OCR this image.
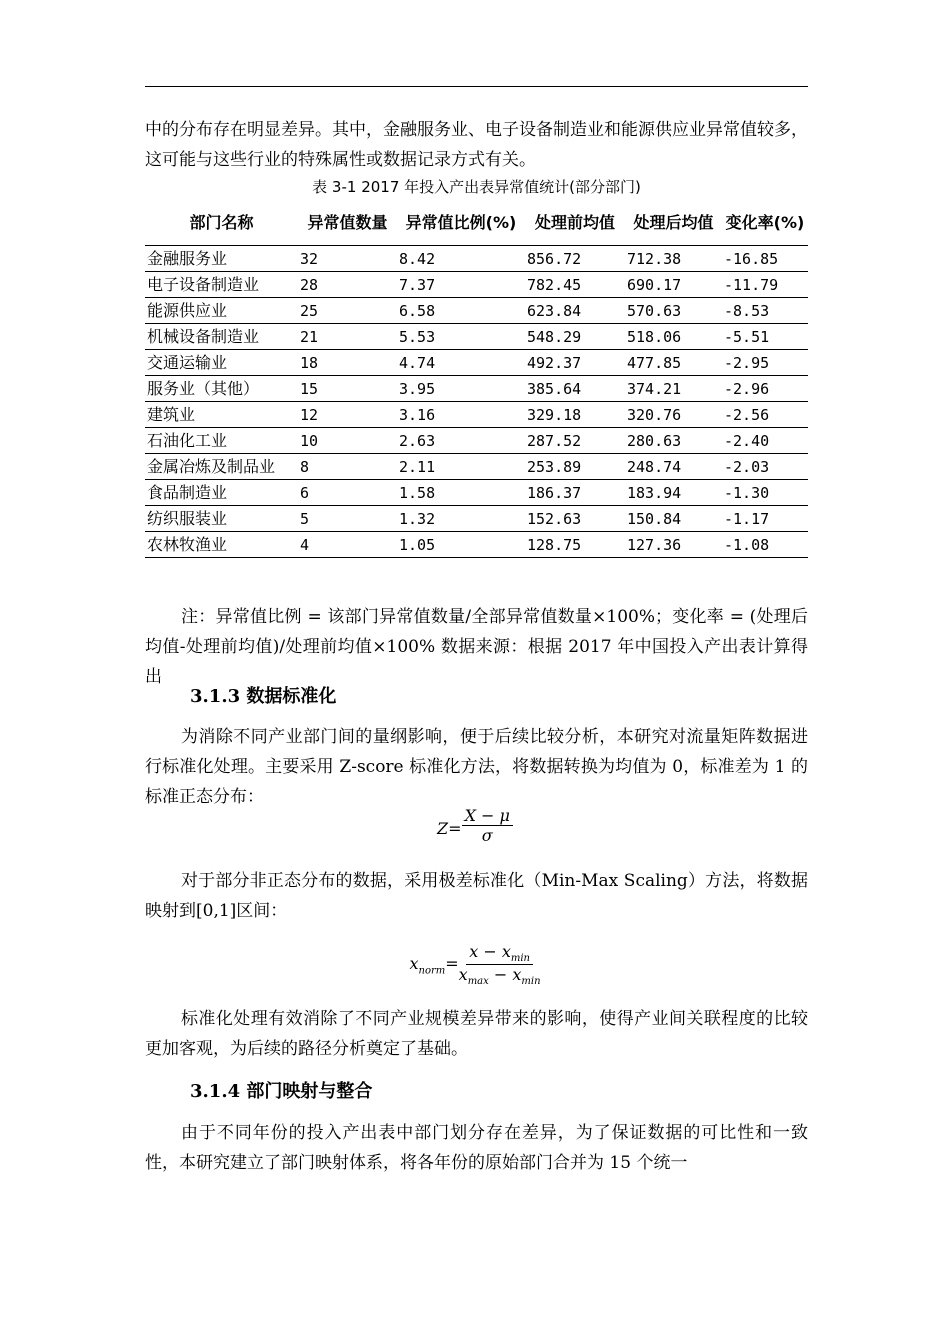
中的分布存在明显差异。其中，金融服务业、电子设备制造业和能源供应业异常值较多，这可能与这些行业的特殊属性或数据记录方式有关。
表 3-1 2017 年投入产出表异常值统计(部分部门)
部门名称	异常值数量	异常值比例(%)	处理前均值	处理后均值	变化率(%)
金融服务业	32	8.42	856.72	712.38	-16.85
电子设备制造业	28	7.37	782.45	690.17	-11.79
能源供应业	25	6.58	623.84	570.63	-8.53
机械设备制造业	21	5.53	548.29	518.06	-5.51
交通运输业	18	4.74	492.37	477.85	-2.95
服务业（其他）	15	3.95	385.64	374.21	-2.96
建筑业	12	3.16	329.18	320.76	-2.56
石油化工业	10	2.63	287.52	280.63	-2.40
金属冶炼及制品业	8	2.11	253.89	248.74	-2.03
食品制造业	6	1.58	186.37	183.94	-1.30
纺织服装业	5	1.32	152.63	150.84	-1.17
农林牧渔业	4	1.05	128.75	127.36	-1.08
注：异常值比例 = 该部门异常值数量/全部异常值数量×100%；变化率 = (处理后均值-处理前均值)/处理前均值×100% 数据来源：根据 2017 年中国投入产出表计算得出
3.1.3 数据标准化
为消除不同产业部门间的量纲影响，便于后续比较分析，本研究对流量矩阵数据进行标准化处理。主要采用 Z-score 标准化方法，将数据转换为均值为 0，标准差为 1 的标准正态分布：
$Z= \frac{X - \mu}{\sigma}$
对于部分非正态分布的数据，采用极差标准化（Min-Max Scaling）方法，将数据映射到[0,1]区间：
$x_{norm}= \frac{x - x_{min}}{x_{max} - x_{min}}$
标准化处理有效消除了不同产业规模差异带来的影响，使得产业间关联程度的比较更加客观，为后续的路径分析奠定了基础。
3.1.4 部门映射与整合
由于不同年份的投入产出表中部门划分存在差异，为了保证数据的可比性和一致性，本研究建立了部门映射体系，将各年份的原始部门合并为 15 个统一
